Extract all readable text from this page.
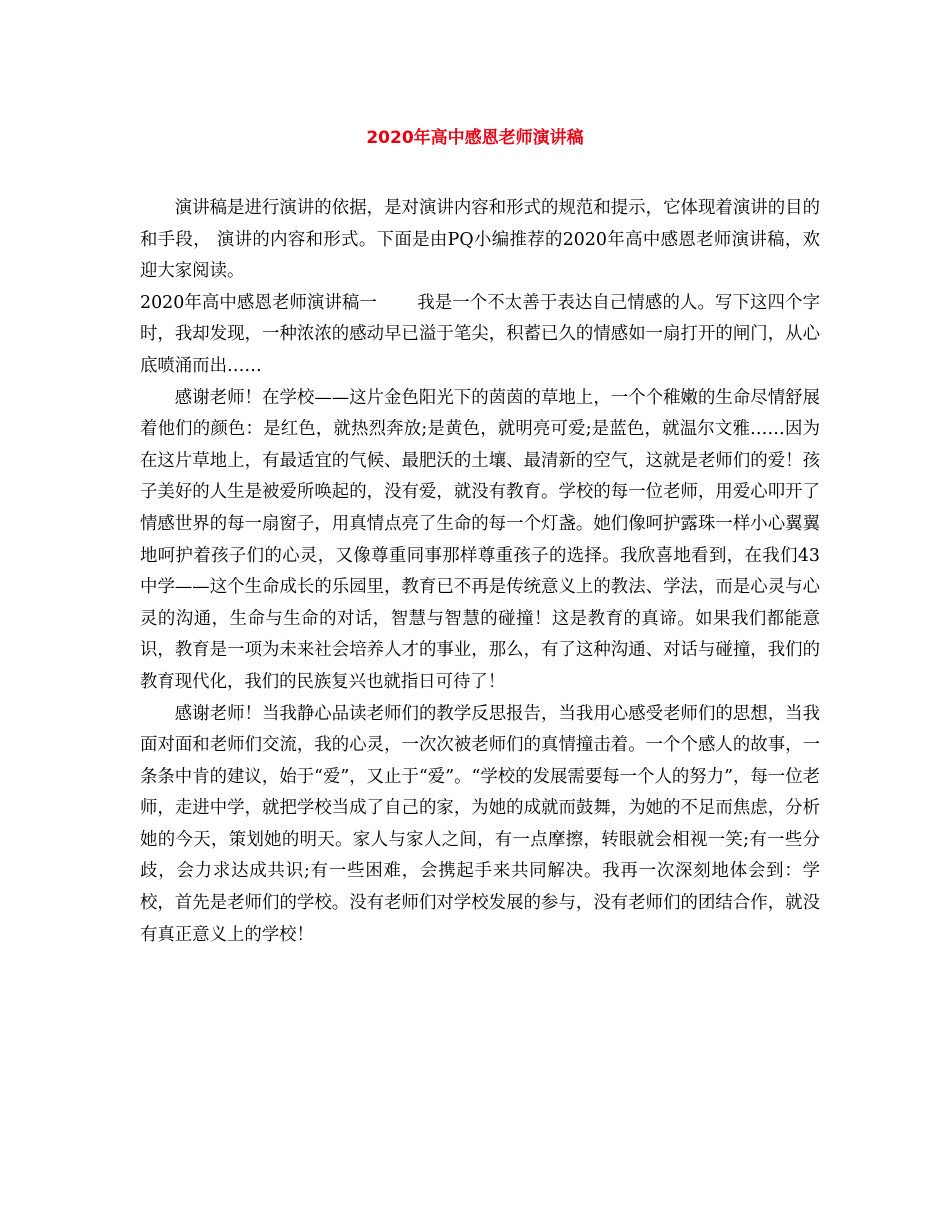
2020年高中感恩老师演讲稿

演讲稿是进行演讲的依据，是对演讲内容和形式的规范和提示，它体现着演讲的目的和手段， 演讲的内容和形式。下面是由PQ小编推荐的2020年高中感恩老师演讲稿，欢迎大家阅读。

2020年高中感恩老师演讲稿一 我是一个不太善于表达自己情感的人。写下这四个字时，我却发现，一种浓浓的感动早已溢于笔尖，积蓄已久的情感如一扇打开的闸门，从心底喷涌而出……

感谢老师！在学校——这片金色阳光下的茵茵的草地上，一个个稚嫩的生命尽情舒展着他们的颜色：是红色，就热烈奔放;是黄色，就明亮可爱;是蓝色，就温尔文雅……因为在这片草地上，有最适宜的气候、最肥沃的土壤、最清新的空气，这就是老师们的爱！孩子美好的人生是被爱所唤起的，没有爱，就没有教育。学校的每一位老师，用爱心叩开了情感世界的每一扇窗子，用真情点亮了生命的每一个灯盏。她们像呵护露珠一样小心翼翼地呵护着孩子们的心灵，又像尊重同事那样尊重孩子的选择。我欣喜地看到，在我们43中学——这个生命成长的乐园里，教育已不再是传统意义上的教法、学法，而是心灵与心灵的沟通，生命与生命的对话，智慧与智慧的碰撞！这是教育的真谛。如果我们都能意识，教育是一项为未来社会培养人才的事业，那么，有了这种沟通、对话与碰撞，我们的教育现代化，我们的民族复兴也就指日可待了！

感谢老师！当我静心品读老师们的教学反思报告，当我用心感受老师们的思想，当我面对面和老师们交流，我的心灵，一次次被老师们的真情撞击着。一个个感人的故事，一条条中肯的建议，始于“爱”，又止于“爱”。“学校的发展需要每一个人的努力”，每一位老师，走进中学，就把学校当成了自己的家，为她的成就而鼓舞，为她的不足而焦虑，分析她的今天，策划她的明天。家人与家人之间，有一点摩擦，转眼就会相视一笑;有一些分歧，会力求达成共识;有一些困难，会携起手来共同解决。我再一次深刻地体会到：学校，首先是老师们的学校。没有老师们对学校发展的参与，没有老师们的团结合作，就没有真正意义上的学校！
